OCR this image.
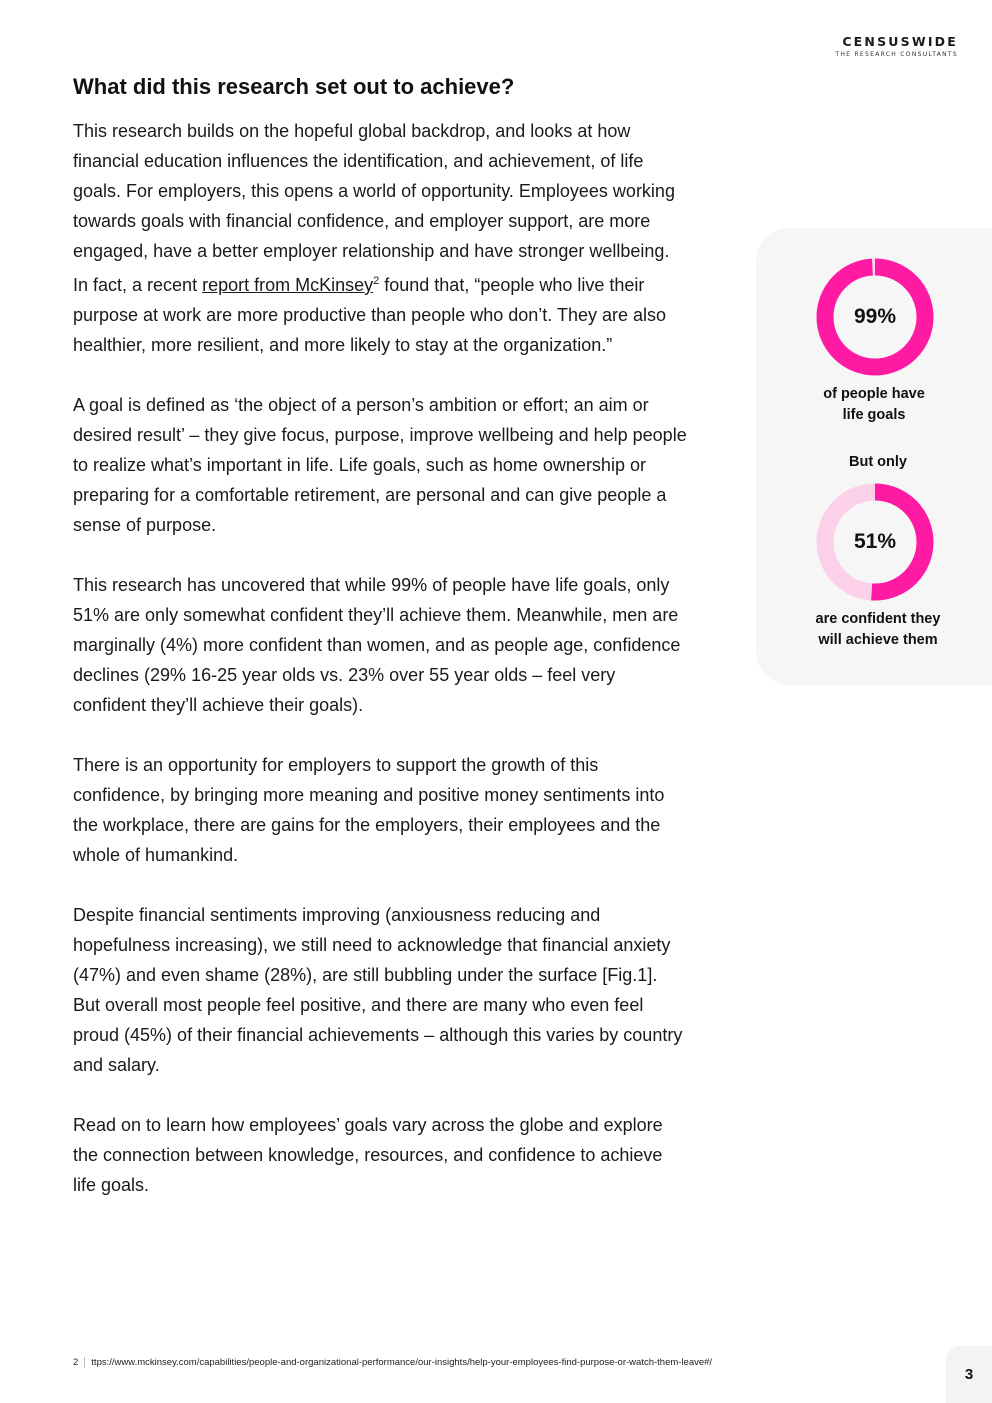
CENSUSWIDE
THE RESEARCH CONSULTANTS
What did this research set out to achieve?

This research builds on the hopeful global backdrop, and looks at how financial education influences the identification, and achievement, of life goals. For employers, this opens a world of opportunity. Employees working towards goals with financial confidence, and employer support, are more engaged, have a better employer relationship and have stronger wellbeing. In fact, a recent report from McKinsey$^2$ found that, “people who live their purpose at work are more productive than people who don’t. They are also healthier, more resilient, and more likely to stay at the organization.”

A goal is defined as ‘the object of a person’s ambition or effort; an aim or desired result’ – they give focus, purpose, improve wellbeing and help people to realize what’s important in life. Life goals, such as home ownership or preparing for a comfortable retirement, are personal and can give people a sense of purpose.

This research has uncovered that while 99% of people have life goals, only 51% are only somewhat confident they’ll achieve them. Meanwhile, men are marginally (4%) more confident than women, and as people age, confidence declines (29% 16-25 year olds vs. 23% over 55 year olds – feel very confident they’ll achieve their goals).

There is an opportunity for employers to support the growth of this confidence, by bringing more meaning and positive money sentiments into the workplace, there are gains for the employers, their employees and the whole of humankind.

Despite financial sentiments improving (anxiousness reducing and hopefulness increasing), we still need to acknowledge that financial anxiety (47%) and even shame (28%), are still bubbling under the surface [Fig.1]. But overall most people feel positive, and there are many who even feel proud (45%) of their financial achievements – although this varies by country and salary.

Read on to learn how employees’ goals vary across the globe and explore the connection between knowledge, resources, and confidence to achieve life goals.

99%
of people have
life goals
But only
51%
are confident they
will achieve them
2	ttps://www.mckinsey.com/capabilities/people-and-organizational-performance/our-insights/help-your-employees-find-purpose-or-watch-them-leave#/
3
